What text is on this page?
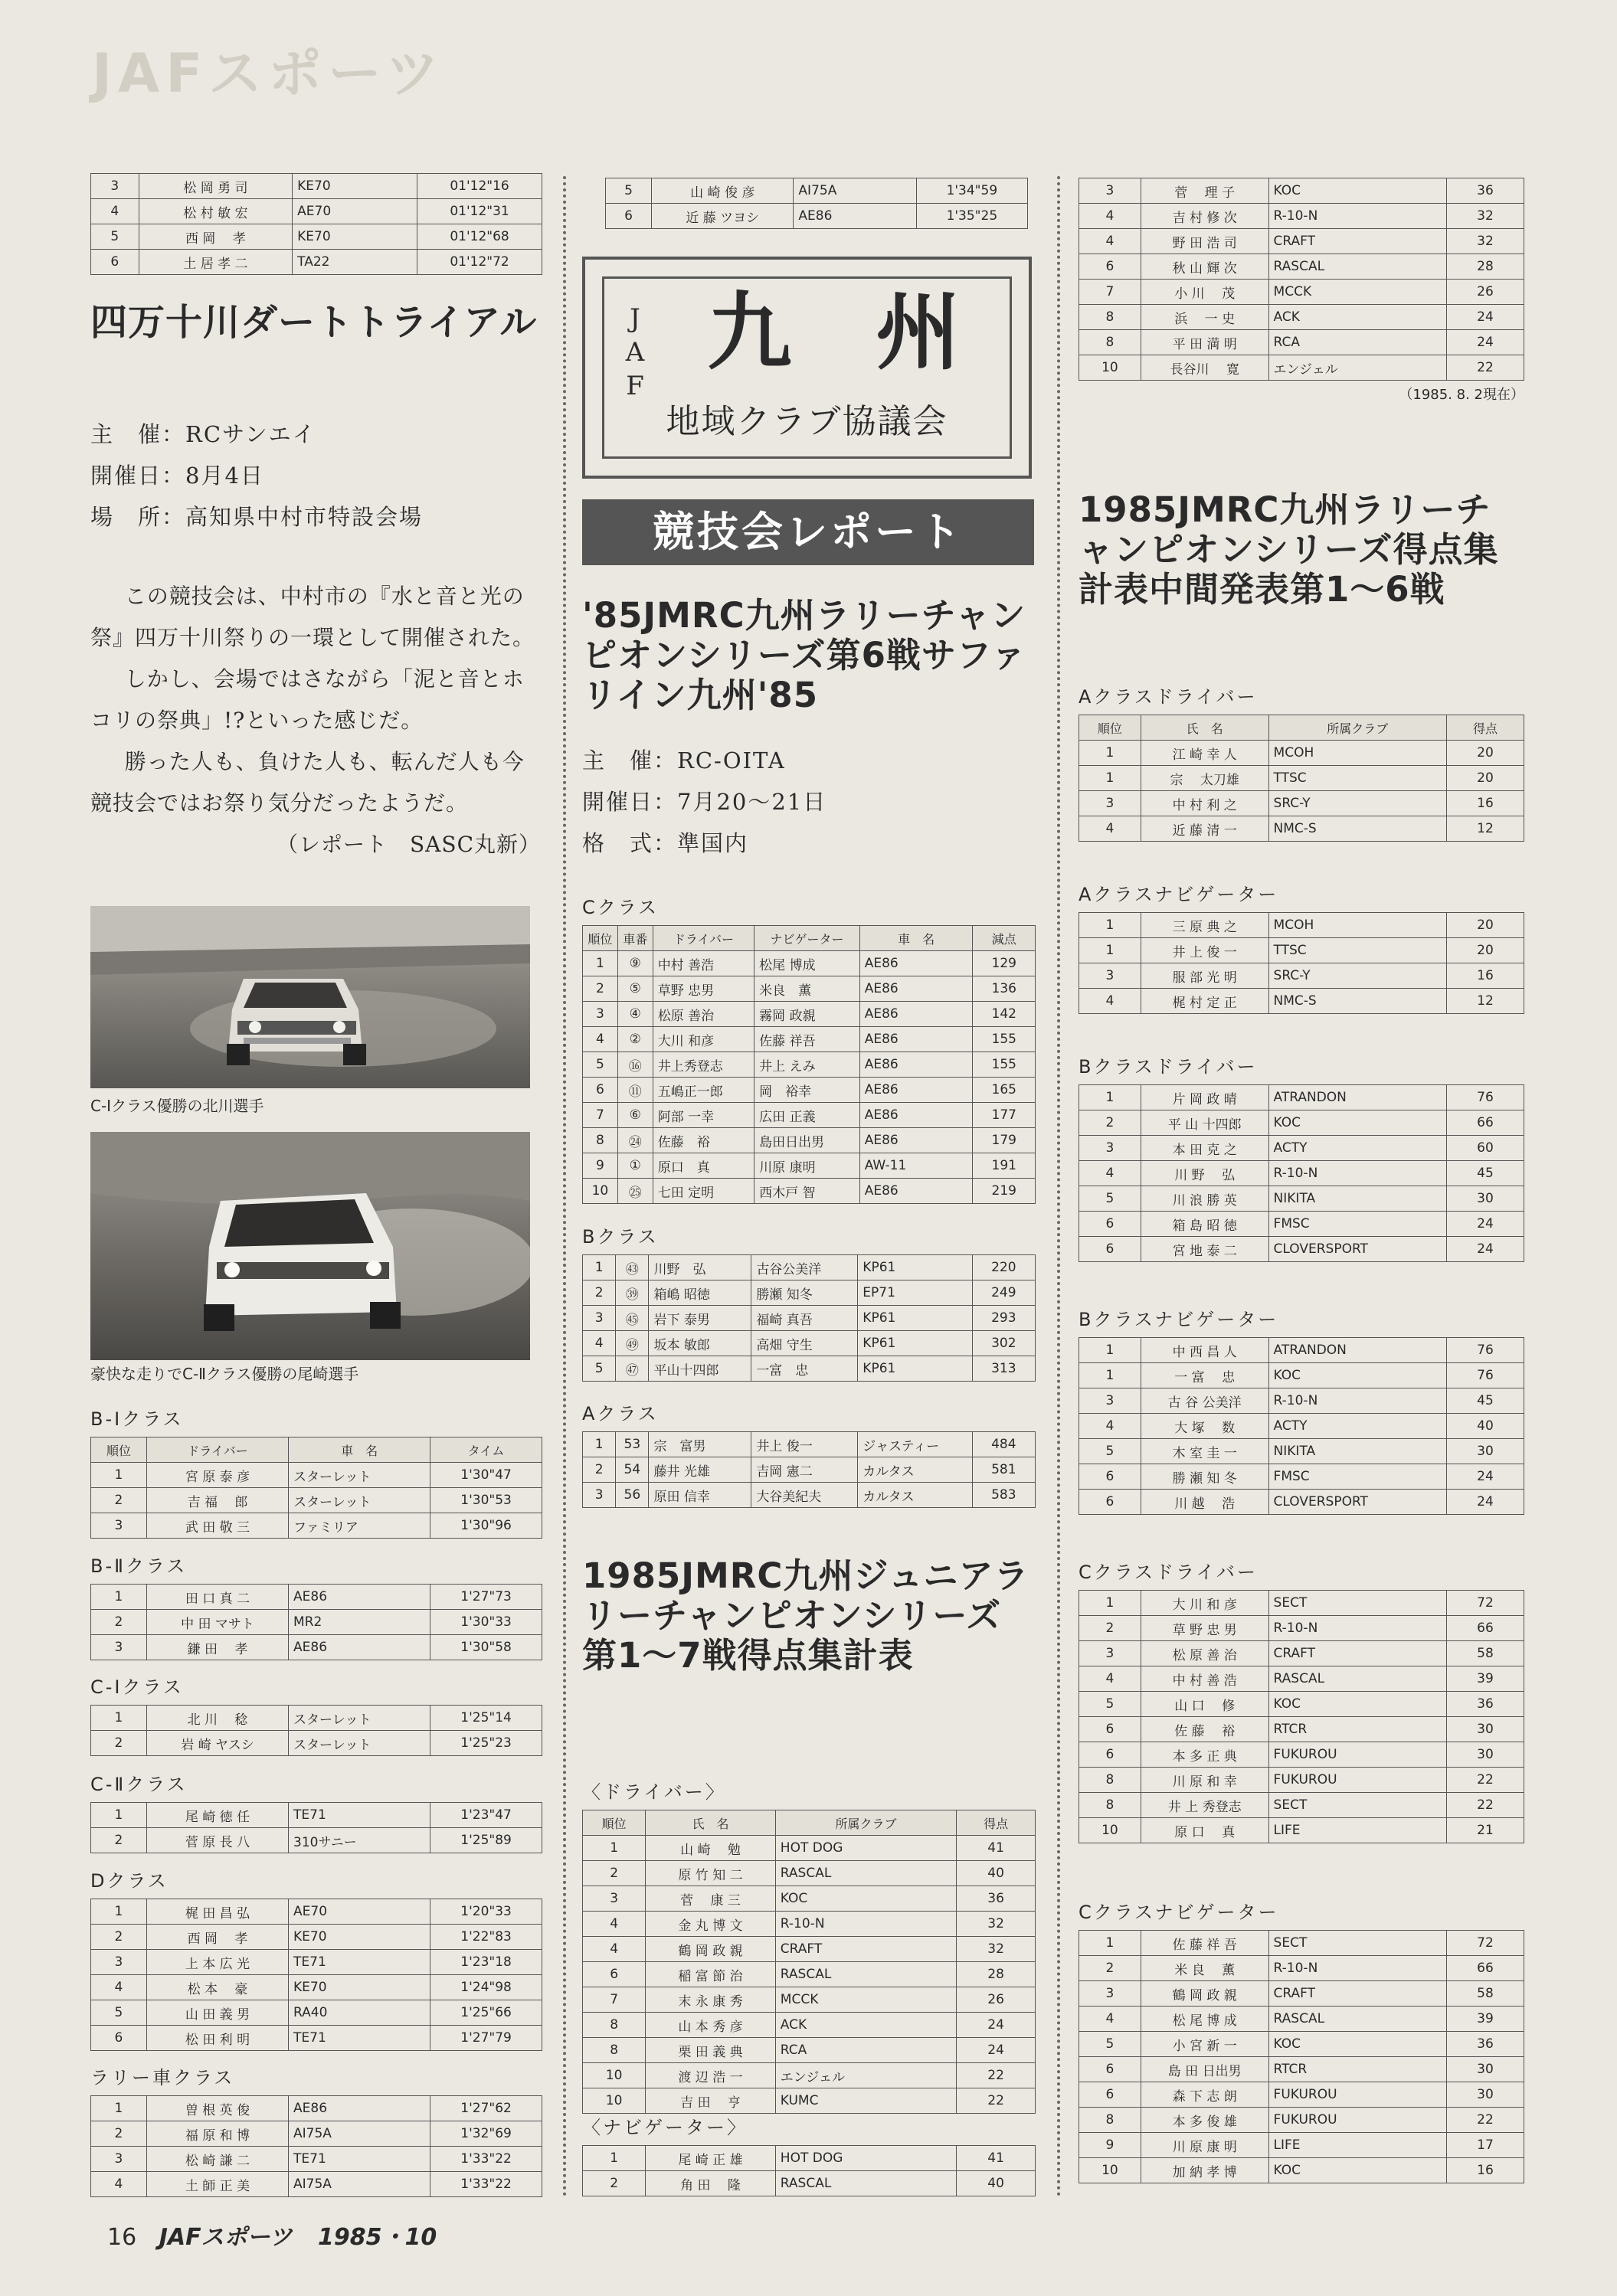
JAFスポーツ
3	松 岡 勇 司	KE70	01'12"16
4	松 村 敏 宏	AE70	01'12"31
5	西 岡　 孝	KE70	01'12"68
6	土 居 孝 二	TA22	01'12"72
四万十川ダートトライアル
主　催：RCサンエイ
開催日：8月4日
場　所：高知県中村市特設会場
この競技会は、中村市の『水と音と光の祭』四万十川祭りの一環として開催された。
しかし、会場ではさながら「泥と音とホコリの祭典」!?といった感じだ。
勝った人も、負けた人も、転んだ人も今競技会ではお祭り気分だったようだ。
（レポート　SASC丸新）
C-Ⅰクラス優勝の北川選手
豪快な走りでC-Ⅱクラス優勝の尾崎選手
B-Ⅰクラス
順位	ドライバー	車　名	タイム
1	宮 原 泰 彦	スターレット	1'30"47
2	吉 福　 郎	スターレット	1'30"53
3	武 田 敬 三	ファミリア	1'30"96
B-Ⅱクラス
1	田 口 真 二	AE86	1'27"73
2	中 田 マサト	MR2	1'30"33
3	鎌 田　 孝	AE86	1'30"58
C-Ⅰクラス
1	北 川　 稔	スターレット	1'25"14
2	岩 崎 ヤスシ	スターレット	1'25"23
C-Ⅱクラス
1	尾 崎 徳 任	TE71	1'23"47
2	菅 原 長 八	310サニー	1'25"89
Dクラス
1	梶 田 昌 弘	AE70	1'20"33
2	西 岡　 孝	KE70	1'22"83
3	上 本 広 光	TE71	1'23"18
4	松 本　 豪	KE70	1'24"98
5	山 田 義 男	RA40	1'25"66
6	松 田 利 明	TE71	1'27"79
ラリー車クラス
1	曽 根 英 俊	AE86	1'27"62
2	福 原 和 博	AI75A	1'32"69
3	松 崎 謙 二	TE71	1'33"22
4	土 師 正 美	AI75A	1'33"22
5	山 崎 俊 彦	AI75A	1'34"59
6	近 藤 ツヨシ	AE86	1'35"25
J
A
F
九　州
地域クラブ協議会
競技会レポート
'85JMRC九州ラリーチャンピオンシリーズ第6戦サファリイン九州'85
主　催：RC-OITA
開催日：7月20～21日
格　式：準国内
Cクラス
順位	車番	ドライバー	ナビゲーター	車　名	減点
1	⑨	中村 善浩	松尾 博成	AE86	129
2	⑤	草野 忠男	米良　薫	AE86	136
3	④	松原 善治	霧岡 政親	AE86	142
4	②	大川 和彦	佐藤 祥吾	AE86	155
5	⑯	井上秀登志	井上 えみ	AE86	155
6	⑪	五嶋正一郎	岡　裕幸	AE86	165
7	⑥	阿部 一幸	広田 正義	AE86	177
8	㉔	佐藤　裕	島田日出男	AE86	179
9	①	原口　真	川原 康明	AW-11	191
10	㉕	七田 定明	西木戸 智	AE86	219
Bクラス
1	㊸	川野　弘	古谷公美洋	KP61	220
2	㊴	箱嶋 昭徳	勝瀬 知冬	EP71	249
3	㊺	岩下 泰男	福崎 真吾	KP61	293
4	㊾	坂本 敏郎	高畑 守生	KP61	302
5	㊼	平山十四郎	一富　忠	KP61	313
Aクラス
1	53	宗　富男	井上 俊一	ジャスティー	484
2	54	藤井 光雄	吉岡 憲二	カルタス	581
3	56	原田 信幸	大谷美紀夫	カルタス	583
1985JMRC九州ジュニアラリーチャンピオンシリーズ第1～7戦得点集計表
〈ドライバー〉
順位	氏　名	所属クラブ	得点
1	山 崎　 勉	HOT DOG	41
2	原 竹 知 二	RASCAL	40
3	菅　 康 三	KOC	36
4	金 丸 博 文	R-10-N	32
4	鶴 岡 政 親	CRAFT	32
6	稲 富 節 治	RASCAL	28
7	末 永 康 秀	MCCK	26
8	山 本 秀 彦	ACK	24
8	栗 田 義 典	RCA	24
10	渡 辺 浩 一	エンジェル	22
10	吉 田　 亨	KUMC	22
〈ナビゲーター〉
1	尾 崎 正 雄	HOT DOG	41
2	角 田　 隆	RASCAL	40
3	菅　 理 子	KOC	36
4	吉 村 修 次	R-10-N	32
4	野 田 浩 司	CRAFT	32
6	秋 山 輝 次	RASCAL	28
7	小 川　 茂	MCCK	26
8	浜　 一 史	ACK	24
8	平 田 満 明	RCA	24
10	長谷川　 寛	エンジェル	22
（1985. 8. 2現在）
1985JMRC九州ラリーチャンピオンシリーズ得点集計表中間発表第1～6戦
Aクラスドライバー
順位	氏　名	所属クラブ	得点
1	江 崎 幸 人	MCOH	20
1	宗　 太刀雄	TTSC	20
3	中 村 利 之	SRC-Y	16
4	近 藤 清 一	NMC-S	12
Aクラスナビゲーター
1	三 原 典 之	MCOH	20
1	井 上 俊 一	TTSC	20
3	服 部 光 明	SRC-Y	16
4	梶 村 定 正	NMC-S	12
Bクラスドライバー
1	片 岡 政 晴	ATRANDON	76
2	平 山 十四郎	KOC	66
3	本 田 克 之	ACTY	60
4	川 野　 弘	R-10-N	45
5	川 浪 勝 英	NIKITA	30
6	箱 島 昭 徳	FMSC	24
6	宮 地 泰 二	CLOVERSPORT	24
Bクラスナビゲーター
1	中 西 昌 人	ATRANDON	76
1	一 富　 忠	KOC	76
3	古 谷 公美洋	R-10-N	45
4	大 塚　 数	ACTY	40
5	木 室 圭 一	NIKITA	30
6	勝 瀬 知 冬	FMSC	24
6	川 越　 浩	CLOVERSPORT	24
Cクラスドライバー
1	大 川 和 彦	SECT	72
2	草 野 忠 男	R-10-N	66
3	松 原 善 治	CRAFT	58
4	中 村 善 浩	RASCAL	39
5	山 口　 修	KOC	36
6	佐 藤　 裕	RTCR	30
6	本 多 正 典	FUKUROU	30
8	川 原 和 幸	FUKUROU	22
8	井 上 秀登志	SECT	22
10	原 口　 真	LIFE	21
Cクラスナビゲーター
1	佐 藤 祥 吾	SECT	72
2	米 良　 薫	R-10-N	66
3	鶴 岡 政 親	CRAFT	58
4	松 尾 博 成	RASCAL	39
5	小 宮 新 一	KOC	36
6	島 田 日出男	RTCR	30
6	森 下 志 朗	FUKUROU	30
8	本 多 俊 雄	FUKUROU	22
9	川 原 康 明	LIFE	17
10	加 納 孝 博	KOC	16
16 JAFスポーツ 1985・10
